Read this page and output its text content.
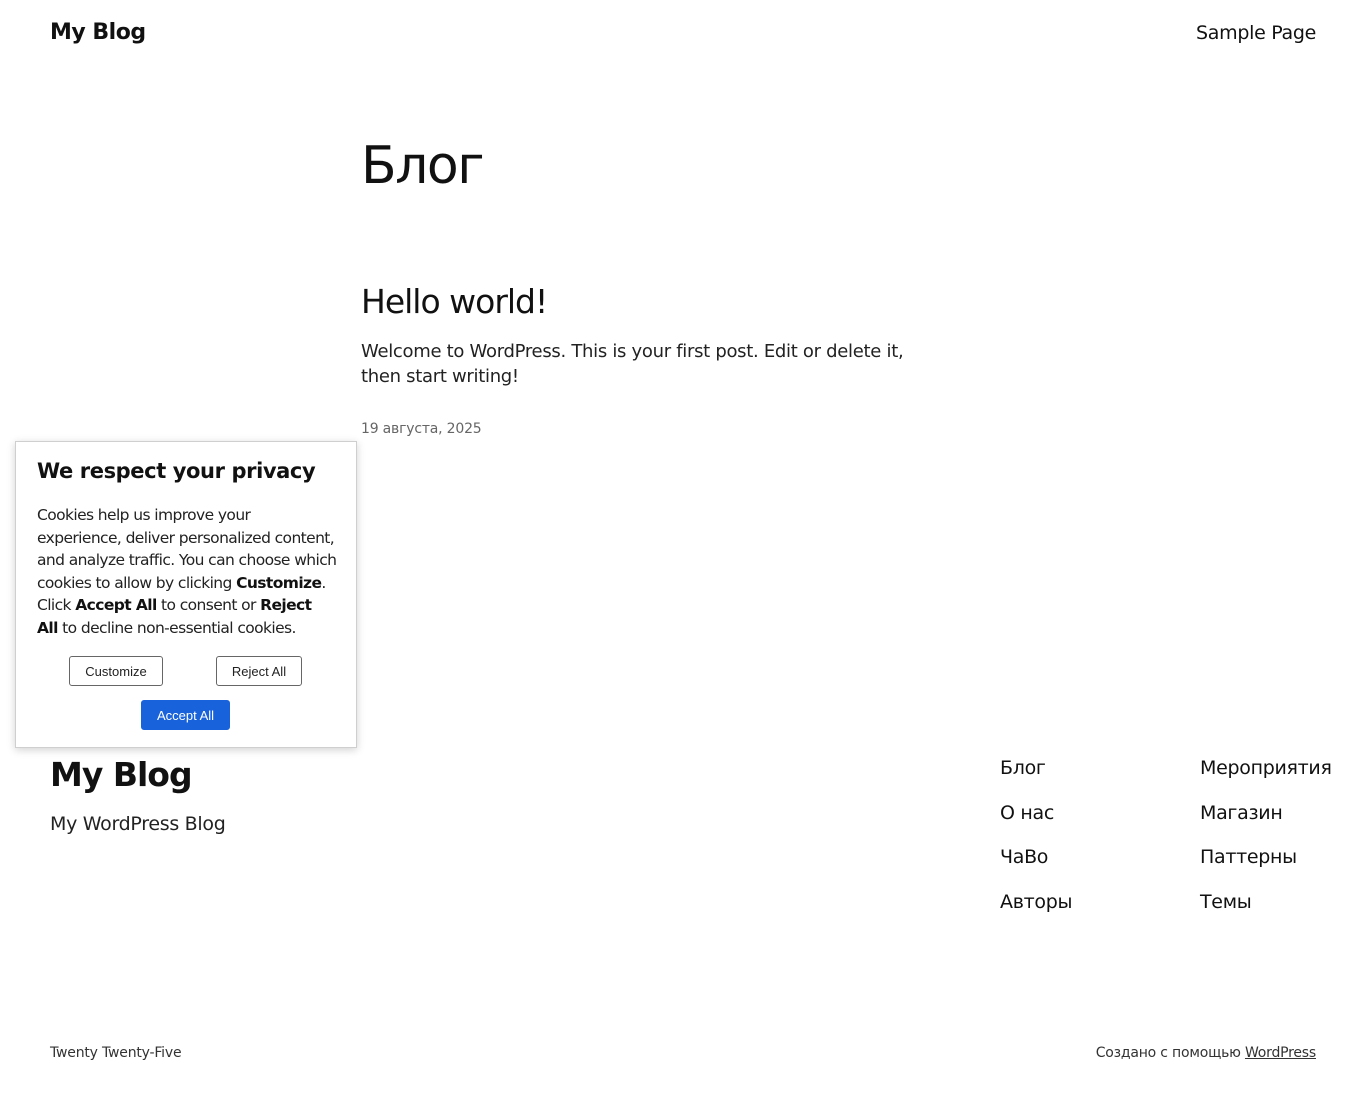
My Blog	Sample Page
Блог
Hello world!

Welcome to WordPress. This is your first post. Edit or delete it, then start writing!

19 августа, 2025
My Blog
My WordPress Blog
Блог
О нас
ЧаВо
Авторы
Мероприятия
Магазин
Паттерны
Темы
Twenty Twenty-Five	Создано с помощью WordPress
We respect your privacy

Cookies help us improve your experience, deliver personalized content, and analyze traffic. You can choose which cookies to allow by clicking Customize. Click Accept All to consent or Reject All to decline non-essential cookies.

Customize	Reject All
Accept All
